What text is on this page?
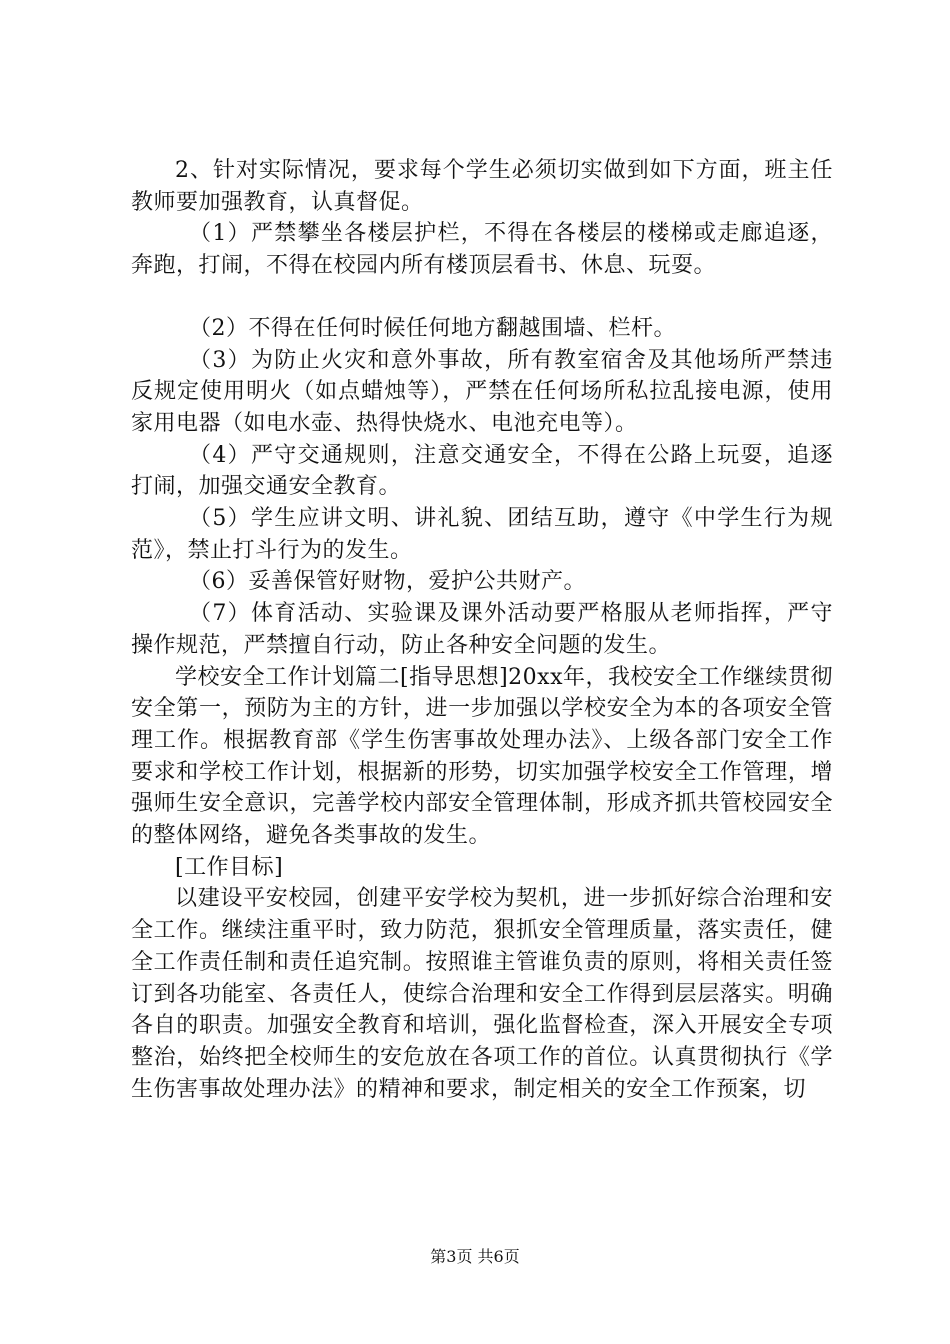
2、针对实际情况，要求每个学生必须切实做到如下方面，班主任教师要加强教育，认真督促。

（1）严禁攀坐各楼层护栏，不得在各楼层的楼梯或走廊追逐，奔跑，打闹，不得在校园内所有楼顶层看书、休息、玩耍。

（2）不得在任何时候任何地方翻越围墙、栏杆。

（3）为防止火灾和意外事故，所有教室宿舍及其他场所严禁违反规定使用明火（如点蜡烛等），严禁在任何场所私拉乱接电源，使用家用电器（如电水壶、热得快烧水、电池充电等）。

（4）严守交通规则，注意交通安全，不得在公路上玩耍，追逐打闹，加强交通安全教育。

（5）学生应讲文明、讲礼貌、团结互助，遵守《中学生行为规范》，禁止打斗行为的发生。

（6）妥善保管好财物，爱护公共财产。

（7）体育活动、实验课及课外活动要严格服从老师指挥，严守操作规范，严禁擅自行动，防止各种安全问题的发生。

学校安全工作计划篇二[指导思想]20xx年，我校安全工作继续贯彻安全第一，预防为主的方针，进一步加强以学校安全为本的各项安全管理工作。根据教育部《学生伤害事故处理办法》、上级各部门安全工作要求和学校工作计划，根据新的形势，切实加强学校安全工作管理，增强师生安全意识，完善学校内部安全管理体制，形成齐抓共管校园安全的整体网络，避免各类事故的发生。

[工作目标]

以建设平安校园，创建平安学校为契机，进一步抓好综合治理和安全工作。继续注重平时，致力防范，狠抓安全管理质量，落实责任，健全工作责任制和责任追究制。按照谁主管谁负责的原则，将相关责任签订到各功能室、各责任人，使综合治理和安全工作得到层层落实。明确各自的职责。加强安全教育和培训，强化监督检查，深入开展安全专项整治，始终把全校师生的安危放在各项工作的首位。认真贯彻执行《学生伤害事故处理办法》的精神和要求，制定相关的安全工作预案，切

第3页 共6页
